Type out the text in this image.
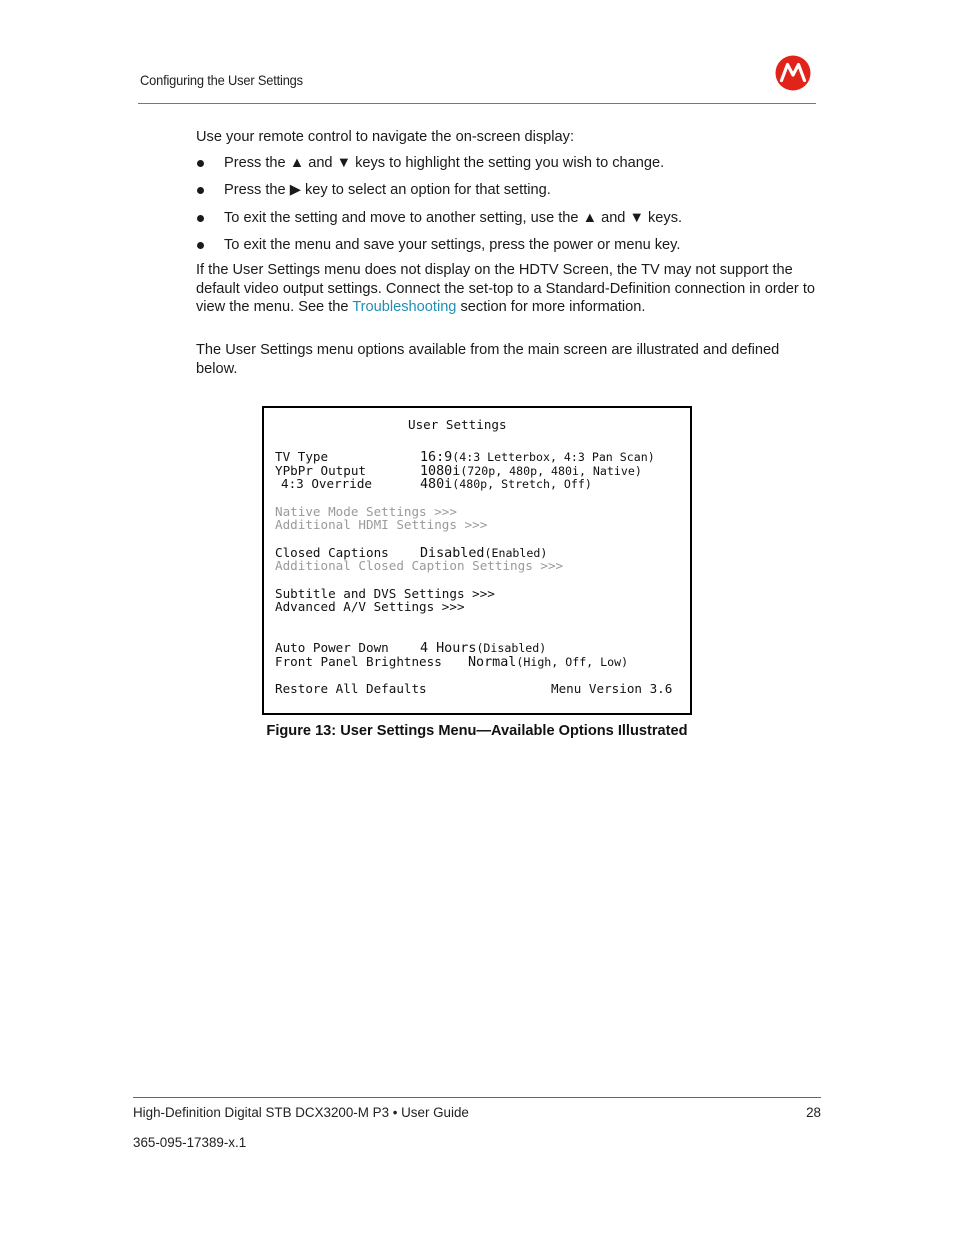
Configuring the User Settings
Use your remote control to navigate the on-screen display:
Press the ▲ and ▼ keys to highlight the setting you wish to change.
Press the ▶ key to select an option for that setting.
To exit the setting and move to another setting, use the ▲ and ▼ keys.
To exit the menu and save your settings, press the power or menu key.
If the User Settings menu does not display on the HDTV Screen, the TV may not support the default video output settings. Connect the set-top to a Standard-Definition connection in order to view the menu. See the Troubleshooting section for more information.
The User Settings menu options available from the main screen are illustrated and defined below.
User Settings
TV Type	16:9(4:3 Letterbox, 4:3 Pan Scan)
YPbPr Output	1080i(720p, 480p, 480i, Native)
4:3 Override	480i(480p, Stretch, Off)
Native Mode Settings >>>
Additional HDMI Settings >>>
Closed Captions Disabled(Enabled)
Additional Closed Caption Settings >>>
Subtitle and DVS Settings >>>
Advanced A/V Settings >>>
Auto Power Down 4 Hours(Disabled)
Front Panel Brightness Normal(High, Off, Low)
Restore All Defaults	Menu Version 3.6
Figure 13: User Settings Menu—Available Options Illustrated
High-Definition Digital STB DCX3200-M P3 • User Guide	28
365-095-17389-x.1
